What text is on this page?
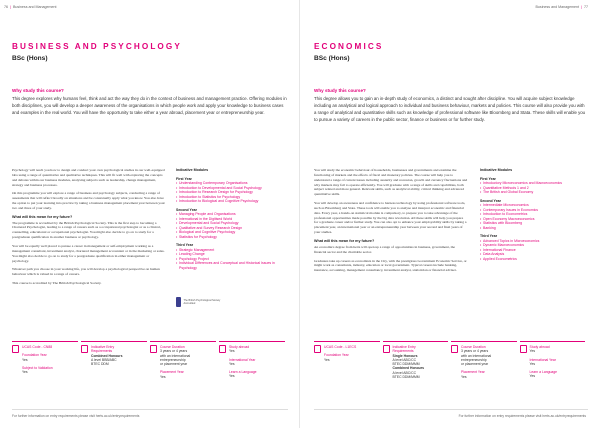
76 | Business and Management
BUSINESS AND PSYCHOLOGY
BSc (Hons)
Why study this course?
This degree explores why humans feel, think and act the way they do in the context of business and management practice. Offering modules in both disciplines, you will develop a deeper awareness of the organisations in which people work and apply your knowledge to business cases and examples in the real world. You will have the opportunity to take either a year abroad, placement year or entrepreneurship year.

Psychology will teach you how to design and conduct your own psychological studies in our well-equipped labs using a range of quantitative and qualitative techniques. This will fit well with exploring the concepts and debates within our business modules, analysing subjects such as leadership, change management, strategy and business processes.

On this programme you will explore a range of business and psychology subjects, conducting a range of assessments that will reflect broadly on situations and be contextually apply what you know. You also have the option to put your learning into practice by taking a business management placement year between your two and three of your study.

What will this mean for my future?

The programme is accredited by the British Psychological Society. This is the first step to becoming a Chartered Psychologist, leading to a range of careers such as a occupational psychologist or as a clinical, counselling, educational or occupational psychologist. You might also decide to go on to study for a postgraduate qualification in another business or psychology.

You will be equally well placed to pursue a career in management or self-employment working as a management consultant, investment analyst, chartered management accountant or in the marketing or sales. You might also decide to go on to study for a postgraduate qualification in either management or psychology.

Whatever path you choose in your working life, you will develop a psychological perspective on human behaviour which is valued in a range of careers.

This course is accredited by The British Psychological Society.

Indicative Modules
First Year
• Understanding Contemporary Organisations
• Introduction to Developmental and Social Psychology
• Introduction to Research Design for Psychology
• Introduction to Statistics for Psychology
• Introduction to Biological and Cognitive Psychology
Second Year
• Managing People and Organisations
• International in the Digitised World
• Developmental and Social Psychology
• Qualitative and Survey Research Design
• Biological and Cognitive Psychology
• Statistics for Psychology
Third Year
• Strategic Management
• Leading Change
• Psychology Project
• Individual Differences and Conceptual and Historical Issues in Psychology
The British Psychological Society Accredited
UCAS Code - CN88
Foundation Year
Yes
Subject to Validation
Yes
Indicative Entry
Requirements
Combined Honours
A level BBB/ABC
BTEC DDM
Course Duration
3 years or 4 years
with an international
entrepreneurship
or placement year
Placement Year
Yes
Study abroad
Yes
International Year
Yes
Learn a Language
Yes
For further information on entry requirements please visit herts.ac.uk/entryrequirements
Business and Management | 77
ECONOMICS
BSc (Hons)
Why study this course?
This degree allows you to gain an in-depth study of economics, a distinct and sought after discipline. You will acquire subject knowledge including an analytical and logical approach to individual and business behaviour, markets and policies. This course will also provide you with a range of analytical and quantitative skills such as knowledge of professional software like Bloomberg and Stata. These skills will enable you to pursue a variety of careers in the public sector, finance or business or for further study.

You will study the economic behaviour of households, businesses and governments and examine the functioning of markets and the effects of fiscal and monetary policies. The course will help you to understand a range of current issues including austerity and recession, growth and currency fluctuations and why markets may fail to operate efficiently. You will graduate with a range of skills and capabilities, both subject related and more general. Relevant skills, such as analytical ability, critical thinking and advanced quantitative skills.

You will develop an awareness and confidence to harness technology by using professional software tools, such as Bloomberg and Stata. These tools will enable you to analyse and interpret economic and financial data. Every year, a hands-on statistical module is compulsory, to prepare you to take advantage of the professional opportunities made possible by the big data revolution. All these skills will help you prepare for a graduate career and/or further study. You can also opt to enhance your employability skills by taking a placement year, an international year or an entrepreneurship year between your second and final years of your studies.

What will this mean for my future?

An economics degree from herts will open up a range of opportunities in business, government, the financial sector and the charitable sector.

Graduates take up careers as economists in the City, with the prestigious Government Economic Service, or might work as consultants, industry, education or local government. Typical careers include banking, insurance, accounting, management consultancy, investment analyst, statistician or financial adviser.

Indicative Modules
First Year
• Introductory Microeconomics and Macroeconomics
• Quantitative Methods 1 and 2
• The British and Global Economy
Second Year
• Intermediate Microeconomics
• Contemporary Issues in Economics
• Introduction to Econometrics
• Open Economy Macroeconomics
• Statistics with Bloomberg
• Banking
Third Year
• Advanced Topics in Microeconomics
• Dynamic Macroeconomics
• International Finance
• Data Analysis
• Applied Econometrics
UCAS Code - L1ECS
Foundation Year
Yes
Indicative Entry
Requirements
Single Honours
A level ABC/CC
BTEC DDM/MMM
Combined Honours
A level ABC/CC
BTEC DDM/MMM
Course Duration
3 years or 4 years
with an international
entrepreneurship
or placement year
Placement Year
Yes
Study abroad
Yes
International Year
Yes
Learn a Language
Yes
For further information on entry requirements please visit herts.ac.uk/entryrequirements
